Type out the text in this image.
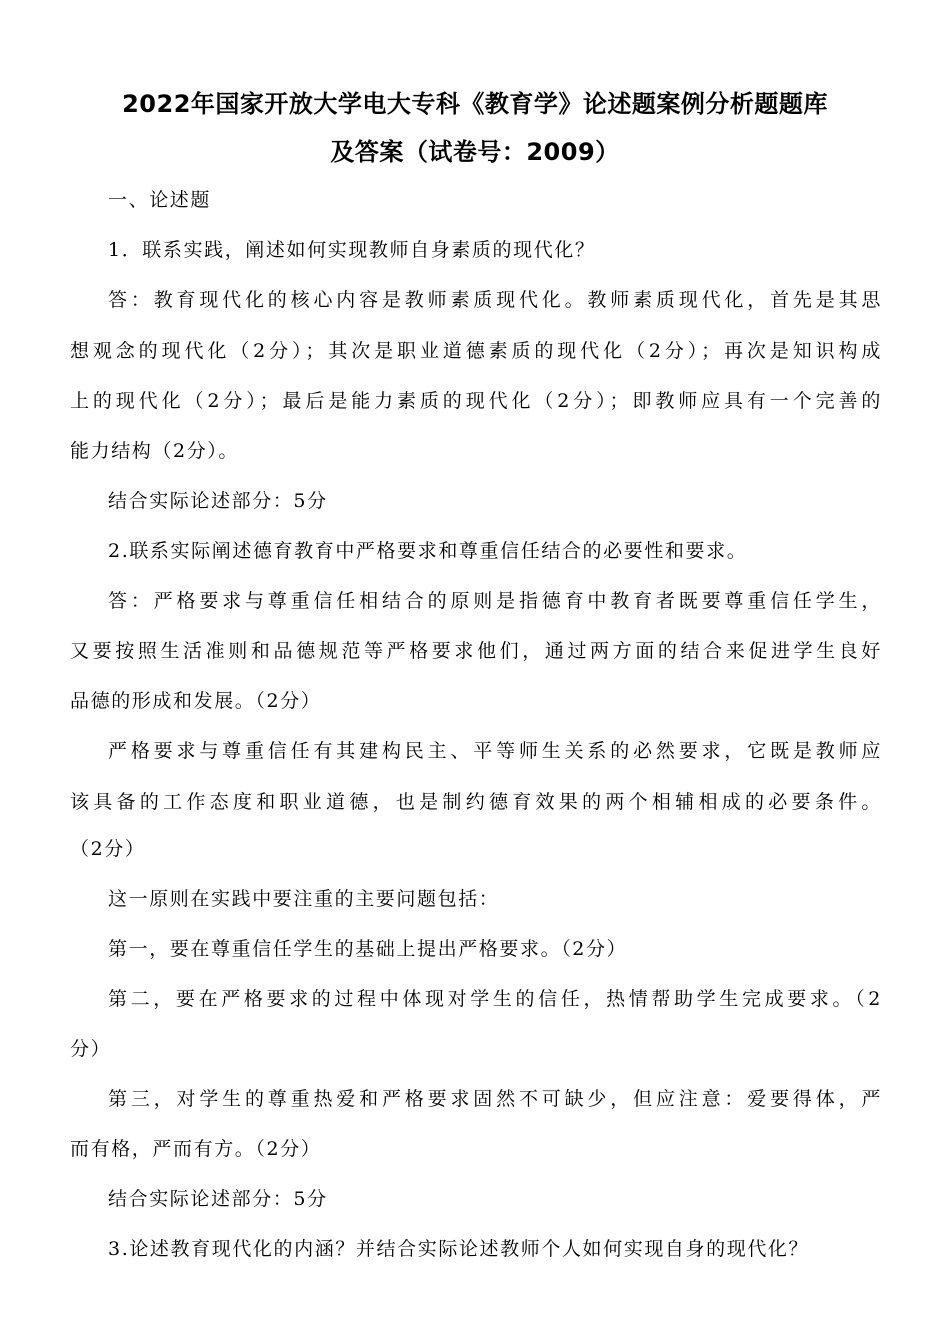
2022年国家开放大学电大专科《教育学》论述题案例分析题题库
及答案（试卷号：2009）
一、论述题
1．联系实践，阐述如何实现教师自身素质的现代化？
答：教育现代化的核心内容是教师素质现代化。教师素质现代化，首先是其思
想观念的现代化（2分）；其次是职业道德素质的现代化（2分）；再次是知识构成
上的现代化（2分）；最后是能力素质的现代化（2分）；即教师应具有一个完善的
能力结构（2分）。
结合实际论述部分：5分
2.联系实际阐述德育教育中严格要求和尊重信任结合的必要性和要求。
答：严格要求与尊重信任相结合的原则是指德育中教育者既要尊重信任学生，
又要按照生活准则和品德规范等严格要求他们，通过两方面的结合来促进学生良好
品德的形成和发展。（2分）
严格要求与尊重信任有其建构民主、平等师生关系的必然要求，它既是教师应
该具备的工作态度和职业道德，也是制约德育效果的两个相辅相成的必要条件。
（2分）
这一原则在实践中要注重的主要问题包括：
第一，要在尊重信任学生的基础上提出严格要求。（2分）
第二，要在严格要求的过程中体现对学生的信任，热情帮助学生完成要求。（2
分）
第三，对学生的尊重热爱和严格要求固然不可缺少，但应注意：爱要得体，严
而有格，严而有方。（2分）
结合实际论述部分：5分
3.论述教育现代化的内涵？并结合实际论述教师个人如何实现自身的现代化？
